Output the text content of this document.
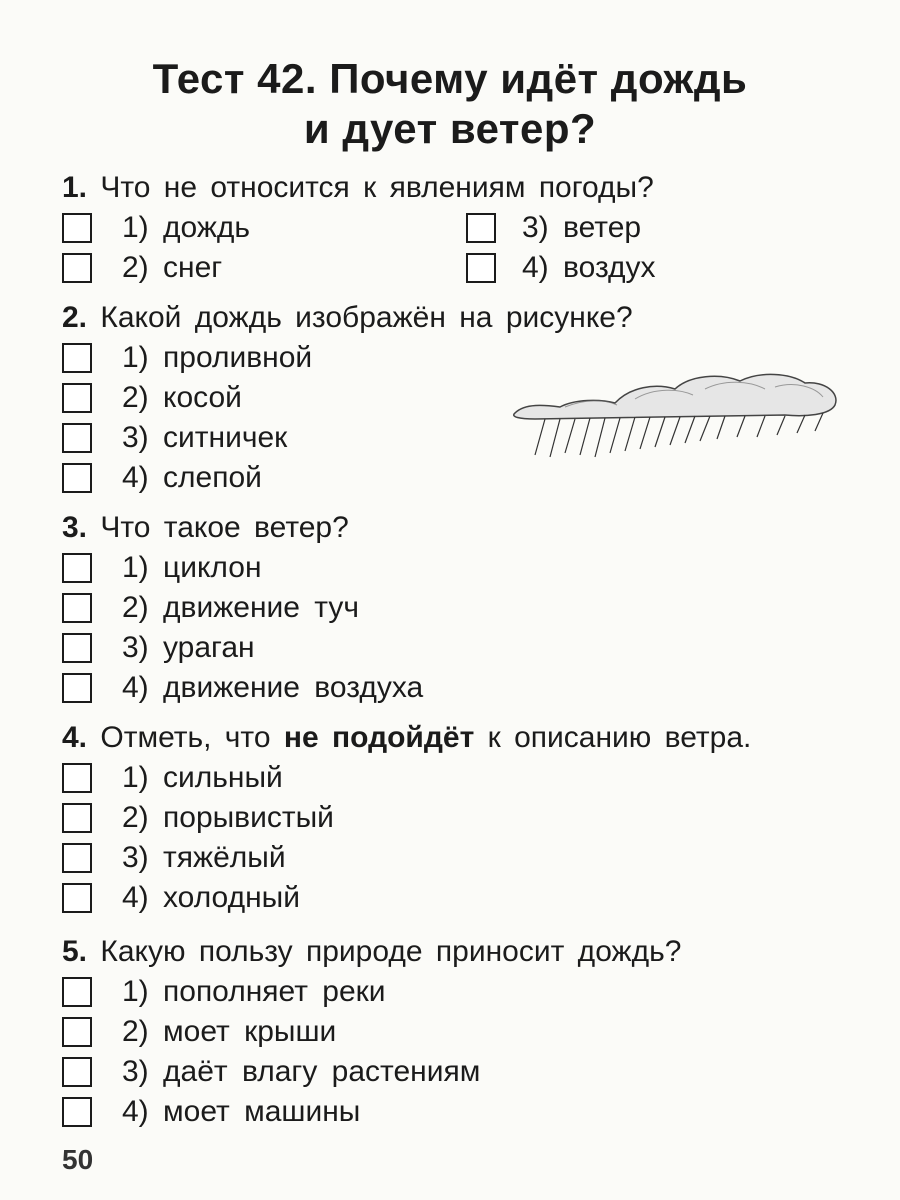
Тест 42. Почему идёт дождь
и дует ветер?
1. Что не относится к явлениям погоды?
1) дождь
2) снег
3) ветер
4) воздух
2. Какой дождь изображён на рисунке?
1) проливной
2) косой
3) ситничек
4) слепой
3. Что такое ветер?
1) циклон
2) движение туч
3) ураган
4) движение воздуха
4. Отметь, что не подойдёт к описанию ветра.
1) сильный
2) порывистый
3) тяжёлый
4) холодный
5. Какую пользу природе приносит дождь?
1) пополняет реки
2) моет крыши
3) даёт влагу растениям
4) моет машины
50
